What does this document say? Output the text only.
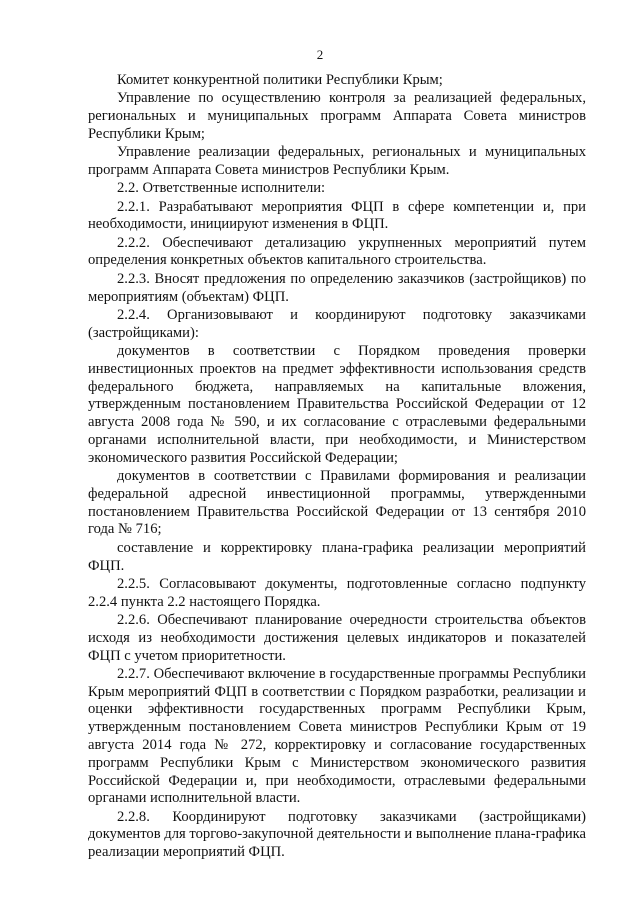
2

Комитет конкурентной политики Республики Крым;

Управление по осуществлению контроля за реализацией федеральных, региональных и муниципальных программ Аппарата Совета министров Республики Крым;

Управление реализации федеральных, региональных и муниципальных программ Аппарата Совета министров Республики Крым.

2.2. Ответственные исполнители:

2.2.1. Разрабатывают мероприятия ФЦП в сфере компетенции и, при необходимости, инициируют изменения в ФЦП.

2.2.2. Обеспечивают детализацию укрупненных мероприятий путем определения конкретных объектов капитального строительства.

2.2.3. Вносят предложения по определению заказчиков (застройщиков) по мероприятиям (объектам) ФЦП.

2.2.4. Организовывают и координируют подготовку заказчиками (застройщиками):

документов в соответствии с Порядком проведения проверки инвестиционных проектов на предмет эффективности использования средств федерального бюджета, направляемых на капитальные вложения, утвержденным постановлением Правительства Российской Федерации от 12 августа 2008 года № 590, и их согласование с отраслевыми федеральными органами исполнительной власти, при необходимости, и Министерством экономического развития Российской Федерации;

документов в соответствии с Правилами формирования и реализации федеральной адресной инвестиционной программы, утвержденными постановлением Правительства Российской Федерации от 13 сентября 2010 года № 716;

составление и корректировку плана-графика реализации мероприятий ФЦП.

2.2.5. Согласовывают документы, подготовленные согласно подпункту 2.2.4 пункта 2.2 настоящего Порядка.

2.2.6. Обеспечивают планирование очередности строительства объектов исходя из необходимости достижения целевых индикаторов и показателей ФЦП с учетом приоритетности.

2.2.7. Обеспечивают включение в государственные программы Республики Крым мероприятий ФЦП в соответствии с Порядком разработки, реализации и оценки эффективности государственных программ Республики Крым, утвержденным постановлением Совета министров Республики Крым от 19 августа 2014 года № 272, корректировку и согласование государственных программ Республики Крым с Министерством экономического развития Российской Федерации и, при необходимости, отраслевыми федеральными органами исполнительной власти.

2.2.8. Координируют подготовку заказчиками (застройщиками) документов для торгово-закупочной деятельности и выполнение плана-графика реализации мероприятий ФЦП.
